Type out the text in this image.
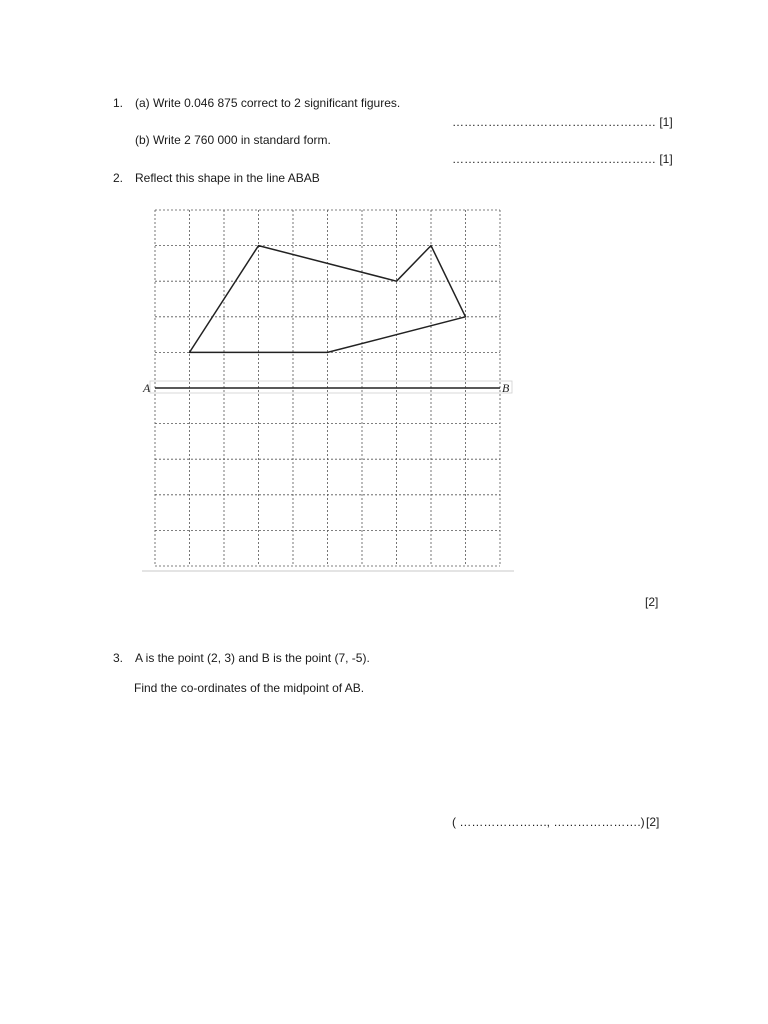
1. (a) Write 0.046 875 correct to 2 significant figures.
…………………………………………… [1]
(b) Write 2 760 000 in standard form.
…………………………………………… [1]
2. Reflect this shape in the line ABAB
A	B
[2]
3. A is the point (2, 3) and B is the point (7, -5).
Find the co-ordinates of the midpoint of AB.
( …………………., ………………….) [2]
